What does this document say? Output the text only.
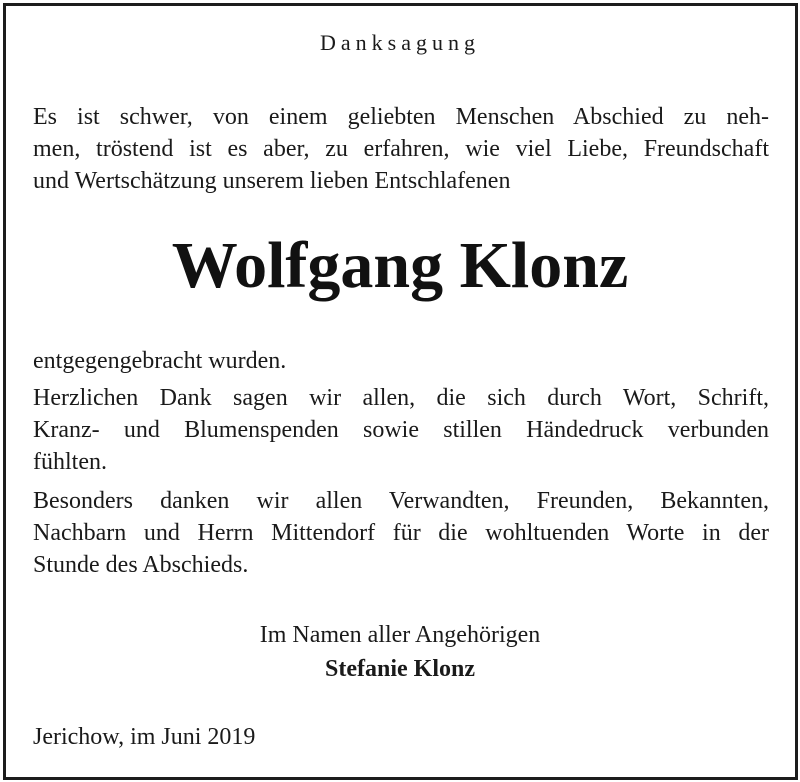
Danksagung
Es ist schwer, von einem geliebten Menschen Abschied zu neh-
men, tröstend ist es aber, zu erfahren, wie viel Liebe, Freundschaft
und Wertschätzung unserem lieben Entschlafenen
Wolfgang Klonz
entgegengebracht wurden.
Herzlichen Dank sagen wir allen, die sich durch Wort, Schrift,
Kranz- und Blumenspenden sowie stillen Händedruck verbunden
fühlten.
Besonders danken wir allen Verwandten, Freunden, Bekannten,
Nachbarn und Herrn Mittendorf für die wohltuenden Worte in der
Stunde des Abschieds.
Im Namen aller Angehörigen
Stefanie Klonz
Jerichow, im Juni 2019
